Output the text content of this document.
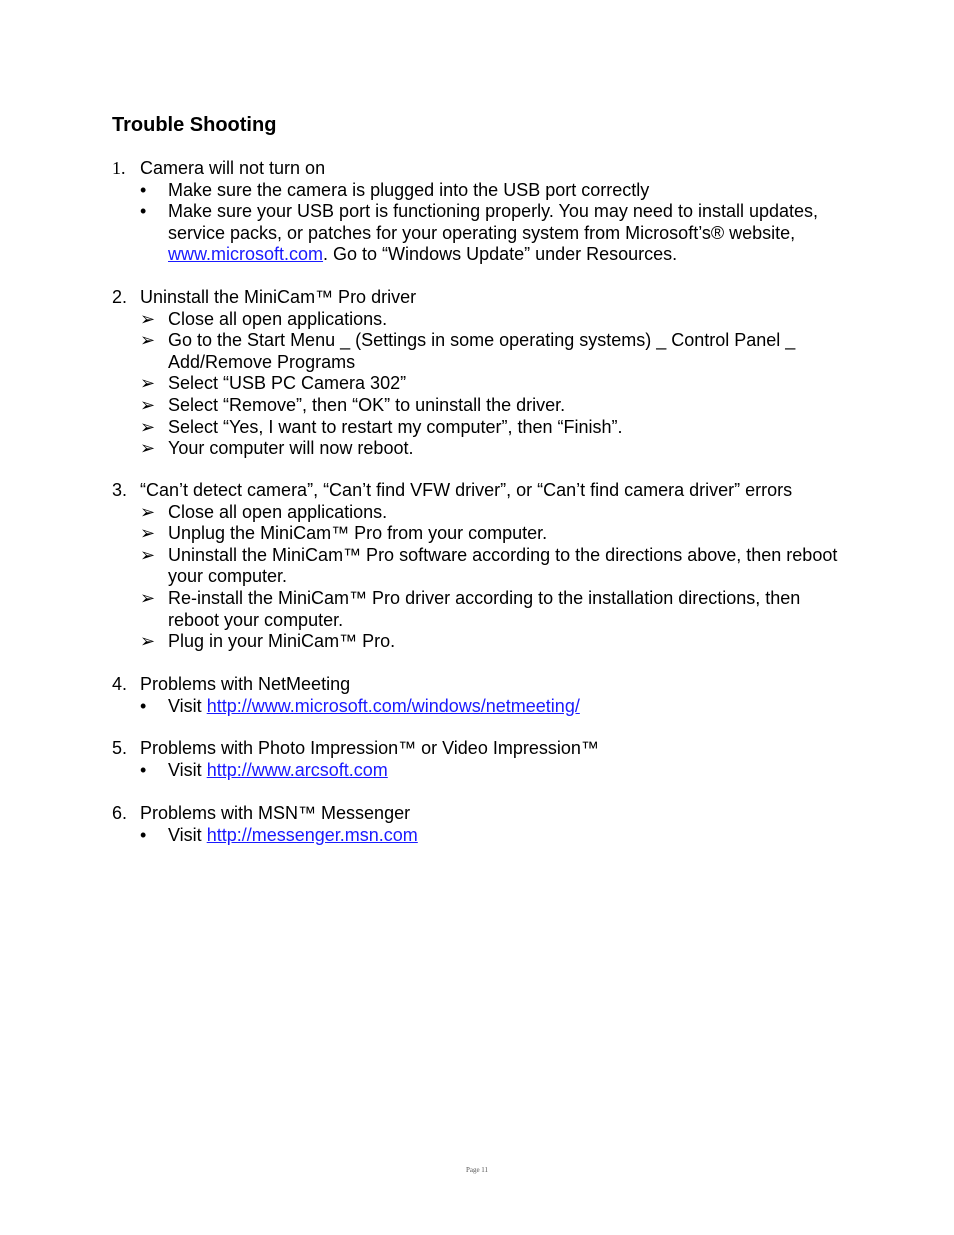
Trouble Shooting
1. Camera will not turn on
•	Make sure the camera is plugged into the USB port correctly
•	Make sure your USB port is functioning properly. You may need to install updates, service packs, or patches for your operating system from Microsoft’s® website, www.microsoft.com. Go to “Windows Update” under Resources.
2. Uninstall the MiniCam™ Pro driver
➢ Close all open applications.
➢ Go to the Start Menu _ (Settings in some operating systems) _ Control Panel _ Add/Remove Programs
➢ Select “USB PC Camera 302”
➢ Select “Remove”, then “OK” to uninstall the driver.
➢ Select “Yes, I want to restart my computer”, then “Finish”.
➢ Your computer will now reboot.
3. “Can’t detect camera”, “Can’t find VFW driver”, or “Can’t find camera driver” errors
➢ Close all open applications.
➢ Unplug the MiniCam™ Pro from your computer.
➢ Uninstall the MiniCam™ Pro software according to the directions above, then reboot your computer.
➢ Re-install the MiniCam™ Pro driver according to the installation directions, then reboot your computer.
➢ Plug in your MiniCam™ Pro.
4. Problems with NetMeeting
•	Visit http://www.microsoft.com/windows/netmeeting/
5. Problems with Photo Impression™ or Video Impression™
•	Visit http://www.arcsoft.com
6. Problems with MSN™ Messenger
•	Visit http://messenger.msn.com
Page 11
